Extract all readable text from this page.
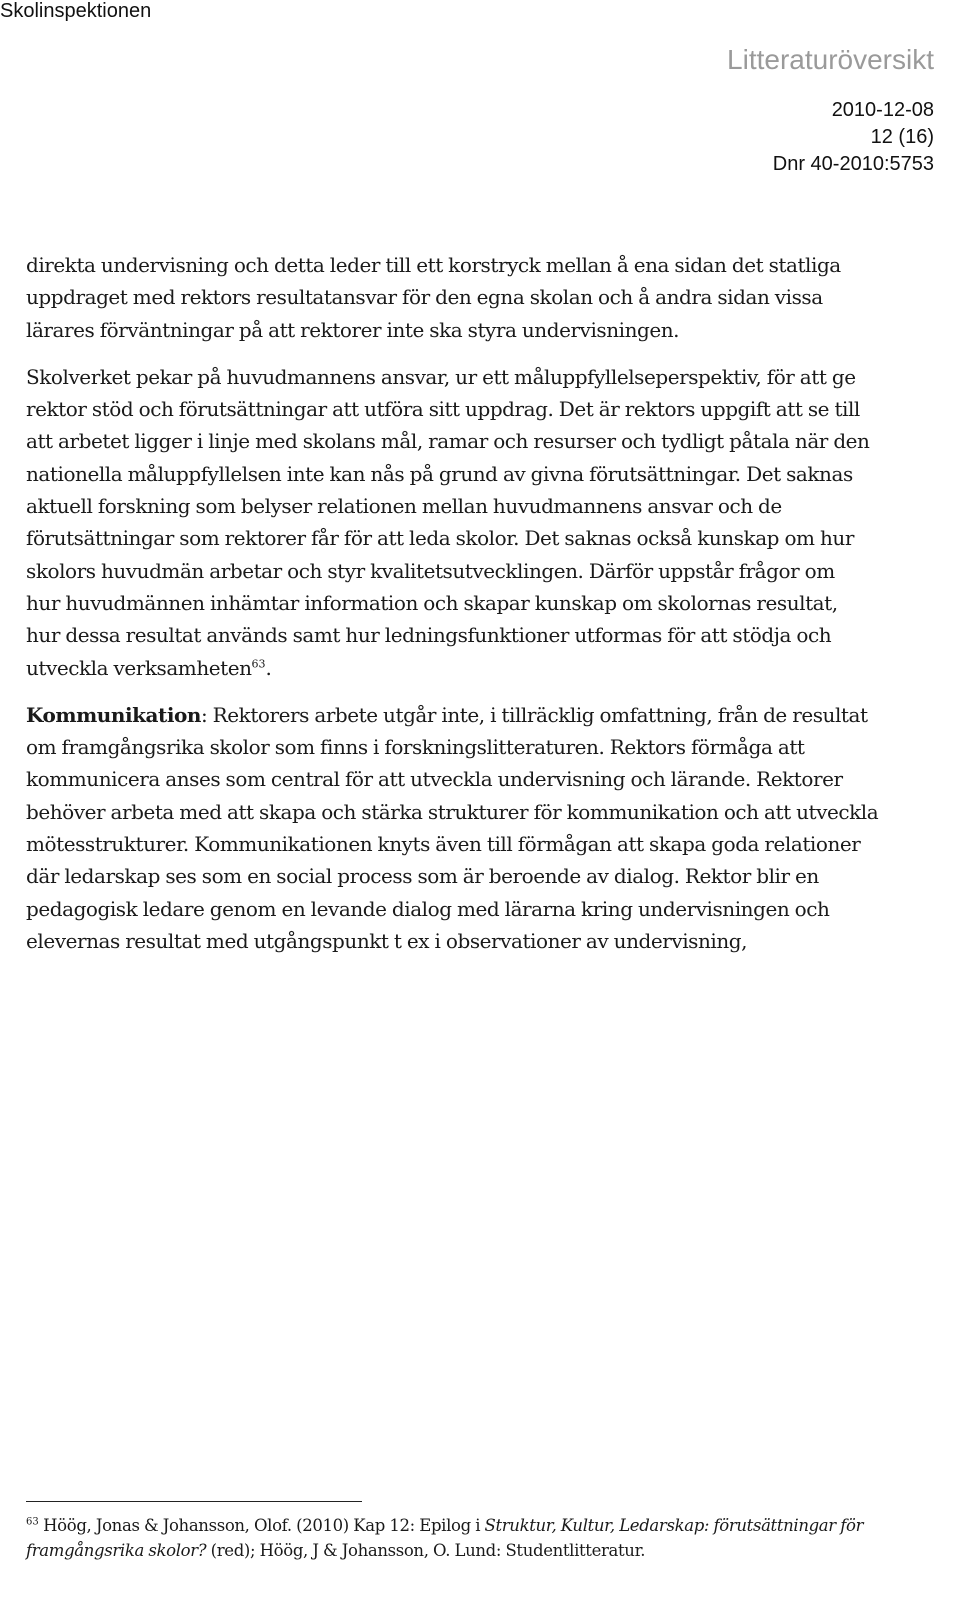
Skolinspektionen
Litteraturöversikt
2010-12-08
12 (16)
Dnr 40-2010:5753

direkta undervisning och detta leder till ett korstryck mellan å ena sidan det statliga
uppdraget med rektors resultatansvar för den egna skolan och å andra sidan vissa
lärares förväntningar på att rektorer inte ska styra undervisningen.

Skolverket pekar på huvudmannens ansvar, ur ett måluppfyllelseperspektiv, för att ge
rektor stöd och förutsättningar att utföra sitt uppdrag. Det är rektors uppgift att se till
att arbetet ligger i linje med skolans mål, ramar och resurser och tydligt påtala när den
nationella måluppfyllelsen inte kan nås på grund av givna förutsättningar. Det saknas
aktuell forskning som belyser relationen mellan huvudmannens ansvar och de
förutsättningar som rektorer får för att leda skolor. Det saknas också kunskap om hur
skolors huvudmän arbetar och styr kvalitetsutvecklingen. Därför uppstår frågor om
hur huvudmännen inhämtar information och skapar kunskap om skolornas resultat,
hur dessa resultat används samt hur ledningsfunktioner utformas för att stödja och
utveckla verksamheten$^{63}$.

Kommunikation: Rektorers arbete utgår inte, i tillräcklig omfattning, från de resultat
om framgångsrika skolor som finns i forskningslitteraturen. Rektors förmåga att
kommunicera anses som central för att utveckla undervisning och lärande. Rektorer
behöver arbeta med att skapa och stärka strukturer för kommunikation och att utveckla
mötesstrukturer. Kommunikationen knyts även till förmågan att skapa goda relationer
där ledarskap ses som en social process som är beroende av dialog. Rektor blir en
pedagogisk ledare genom en levande dialog med lärarna kring undervisningen och
elevernas resultat med utgångspunkt t ex i observationer av undervisning,

$^{63}$ Höög, Jonas & Johansson, Olof. (2010) Kap 12: Epilog i Struktur, Kultur, Ledarskap: förutsättningar för
framgångsrika skolor? (red); Höög, J & Johansson, O. Lund: Studentlitteratur.
